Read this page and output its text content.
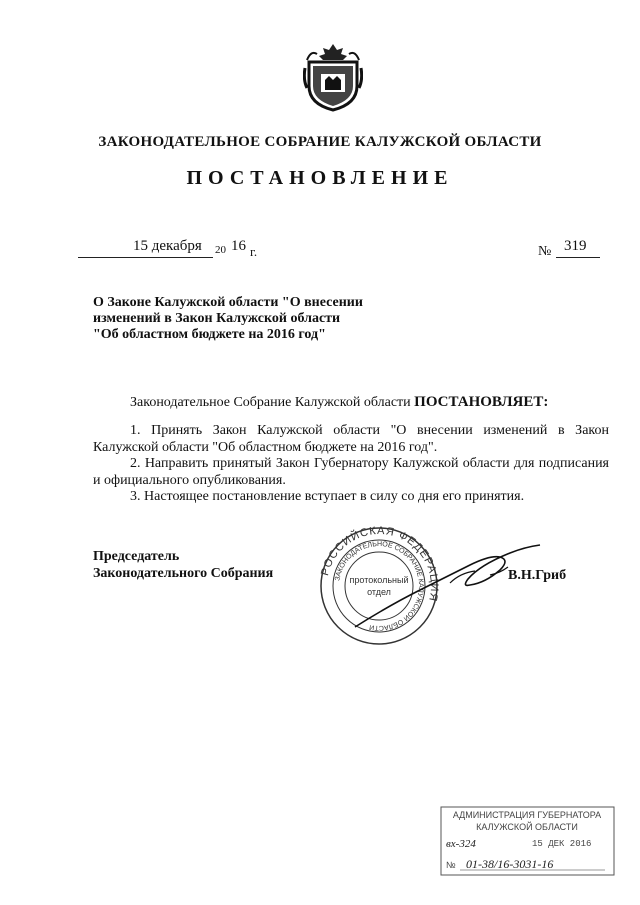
ЗАКОНОДАТЕЛЬНОЕ СОБРАНИЕ КАЛУЖСКОЙ ОБЛАСТИ
ПОСТАНОВЛЕНИЕ
15 декабря 20 16 г.	№ 319
О Законе Калужской области "О внесении
изменений в Закон Калужской области
"Об областном бюджете на 2016 год"
Законодательное Собрание Калужской области ПОСТАНОВЛЯЕТ:

1. Принять Закон Калужской области "О внесении изменений в Закон Калужской области "Об областном бюджете на 2016 год".

2. Направить принятый Закон Губернатору Калужской области для подписания и официального опубликования.

3. Настоящее постановление вступает в силу со дня его принятия.

Председатель
Законодательного Собрания	РОССИЙСКАЯ ФЕДЕРАЦИЯ
ЗАКОНОДАТЕЛЬНОЕ СОБРАНИЕ КАЛУЖСКОЙ ОБЛАСТИ
протокольный
отдел
В.Н.Гриб
АДМИНИСТРАЦИЯ ГУБЕРНАТОРА
КАЛУЖСКОЙ ОБЛАСТИ
вх-324	15 ДЕК 2016
№ 01-38/16-3031-16
